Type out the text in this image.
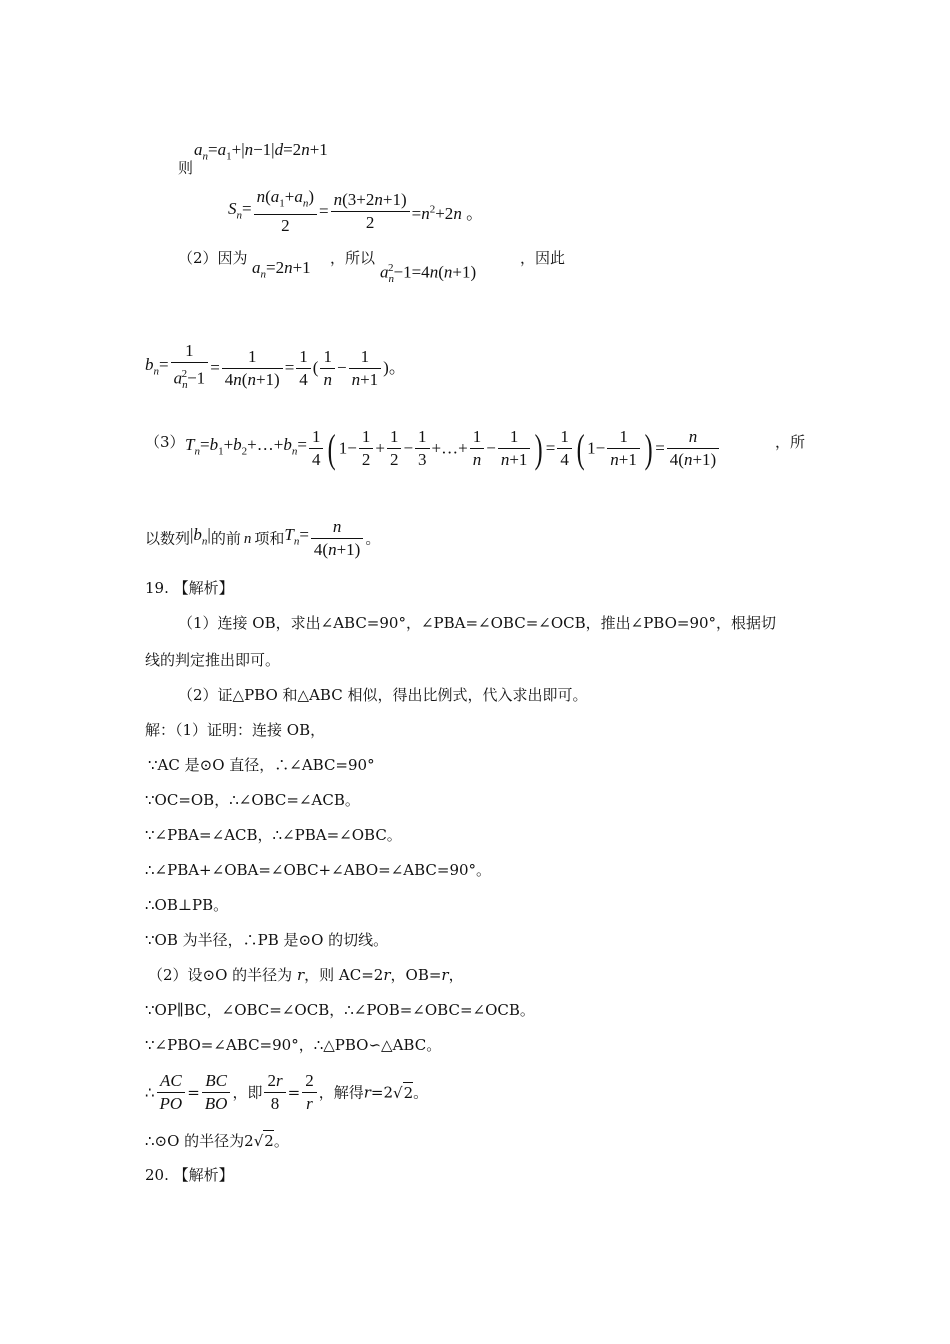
则
$a_n=a_1+|n-1|d=2n+1$
$S_n= \frac{n(a_1+a_n)}{2} = \frac{n(3+2n+1)}{2} =n^2+2n$ 。
（2）因为 $a_n=2n+1$ ，所以
$a_n^2-1=4n(n+1)$
，因此
$b_n= \frac{1}{a_n^2-1} = \frac{1}{4n(n+1)} = \frac{1}{4}$ ( $\frac{1}{n} - \frac{1}{n+1}$ )。
（3） $T_n=b_1+b_2+\dots+b_n= \frac{1}{4}$ ( $1- \frac{1}{2} + \frac{1}{2} - \frac{1}{3}$ +…+ $\frac{1}{n} - \frac{1}{n+1}$ ) = $\frac{1}{4}$ ( $1- \frac{1}{n+1}$ ) = $\frac{n}{4(n+1)}$	，所
以数列$|b_n|$的前 n 项和$T_n= \frac{n}{4(n+1)}$ 。
19. 【解析】
（1）连接 OB，求出∠ABC=90°，∠PBA=∠OBC=∠OCB，推出∠PBO=90°，根据切
线的判定推出即可。
（2）证△PBO 和△ABC 相似，得出比例式，代入求出即可。
解：（1）证明：连接 OB，
∵AC 是⊙O 直径，∴∠ABC=90°
∵OC=OB，∴∠OBC=∠ACB。
∵∠PBA=∠ACB，∴∠PBA=∠OBC。
∴∠PBA+∠OBA=∠OBC+∠ABO=∠ABC=90°。
∴OB⊥PB。
∵OB 为半径，∴PB 是⊙O 的切线。
（2）设⊙O 的半径为 r，则 AC=2r，OB=r，
∵OP∥BC，∠OBC=∠OCB，∴∠POB=∠OBC=∠OCB。
∵∠PBO=∠ABC=90°，∴△PBO∽△ABC。
∴ $\frac{AC}{PO} = \frac{BC}{BO}$ ，即 $\frac{2r}{8} = \frac{2}{r}$ ，解得r=2√2。
∴⊙O 的半径为2√2。
20. 【解析】
